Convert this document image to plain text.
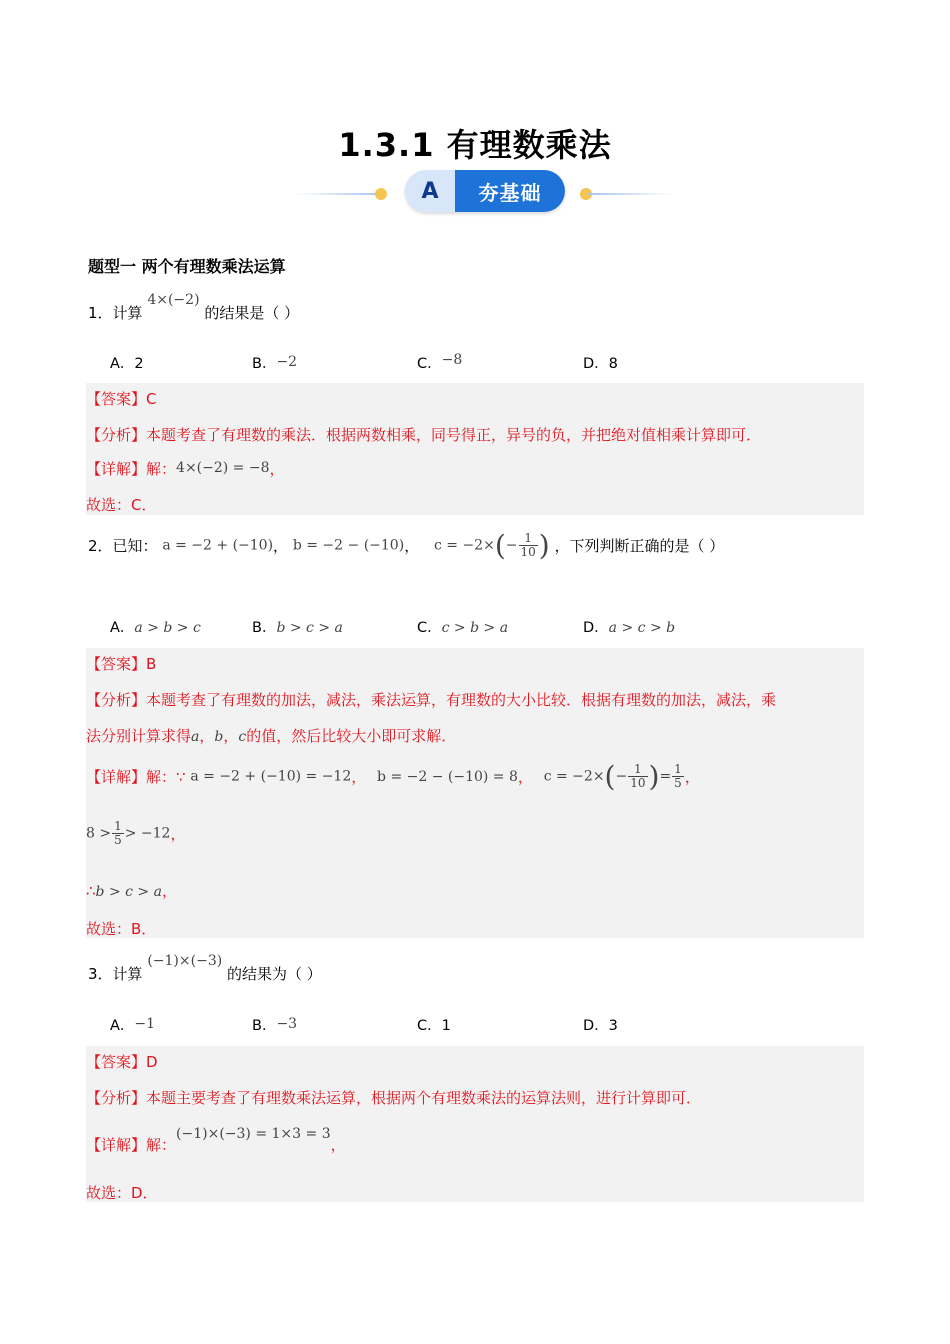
1.3.1 有理数乘法
A	夯基础
题型一 两个有理数乘法运算
1．计算 4×(−2) 的结果是（ ）
A．2	B．−2	C．−8	D．8
【答案】C
【分析】本题考查了有理数的乘法．根据两数相乘，同号得正，异号的负，并把绝对值相乘计算即可．
【详解】解：4×(−2) = −8，
故选：C．
2．已知： a = −2 + (−10)， b = −2 − (−10)， $c = -2\times(- \frac{1}{10}$ ) ，下列判断正确的是（ ）
A．a > b > c	B．b > c > a	C．c > b > a	D．a > c > b
【答案】B
【分析】本题考查了有理数的加法，减法，乘法运算，有理数的大小比较．根据有理数的加法，减法，乘
法分别计算求得a，b，c的值，然后比较大小即可求解．
【详解】解：∵ a = −2 + (−10) = −12， b = −2 − (−10) = 8， $c = -2\times(- \frac{1}{10}$ )= $\frac{1}{5}$ ，
$8 > \frac{1}{5} > -12$，
∴b > c > a，
故选：B．
3．计算 (−1)×(−3) 的结果为（ ）
A．−1	B．−3	C．1	D．3
【答案】D
【分析】本题主要考查了有理数乘法运算，根据两个有理数乘法的运算法则，进行计算即可．
【详解】解：(−1)×(−3) = 1×3 = 3，
故选：D．
